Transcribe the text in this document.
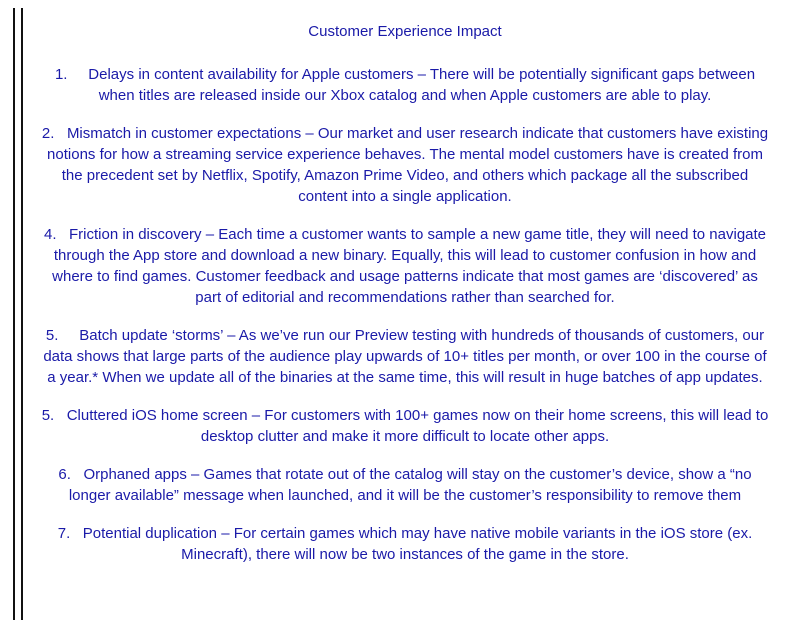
Customer Experience Impact

1. Delays in content availability for Apple customers – There will be potentially significant gaps between when titles are released inside our Xbox catalog and when Apple customers are able to play.

2. Mismatch in customer expectations – Our market and user research indicate that customers have existing notions for how a streaming service experience behaves. The mental model customers have is created from the precedent set by Netflix, Spotify, Amazon Prime Video, and others which package all the subscribed content into a single application.

4. Friction in discovery – Each time a customer wants to sample a new game title, they will need to navigate through the App store and download a new binary. Equally, this will lead to customer confusion in how and where to find games. Customer feedback and usage patterns indicate that most games are ‘discovered’ as part of editorial and recommendations rather than searched for.

5. Batch update ‘storms’ – As we’ve run our Preview testing with hundreds of thousands of customers, our data shows that large parts of the audience play upwards of 10+ titles per month, or over 100 in the course of a year.* When we update all of the binaries at the same time, this will result in huge batches of app updates.

5. Cluttered iOS home screen – For customers with 100+ games now on their home screens, this will lead to desktop clutter and make it more difficult to locate other apps.

6. Orphaned apps – Games that rotate out of the catalog will stay on the customer’s device, show a “no longer available” message when launched, and it will be the customer’s responsibility to remove them

7. Potential duplication – For certain games which may have native mobile variants in the iOS store (ex. Minecraft), there will now be two instances of the game in the store.
